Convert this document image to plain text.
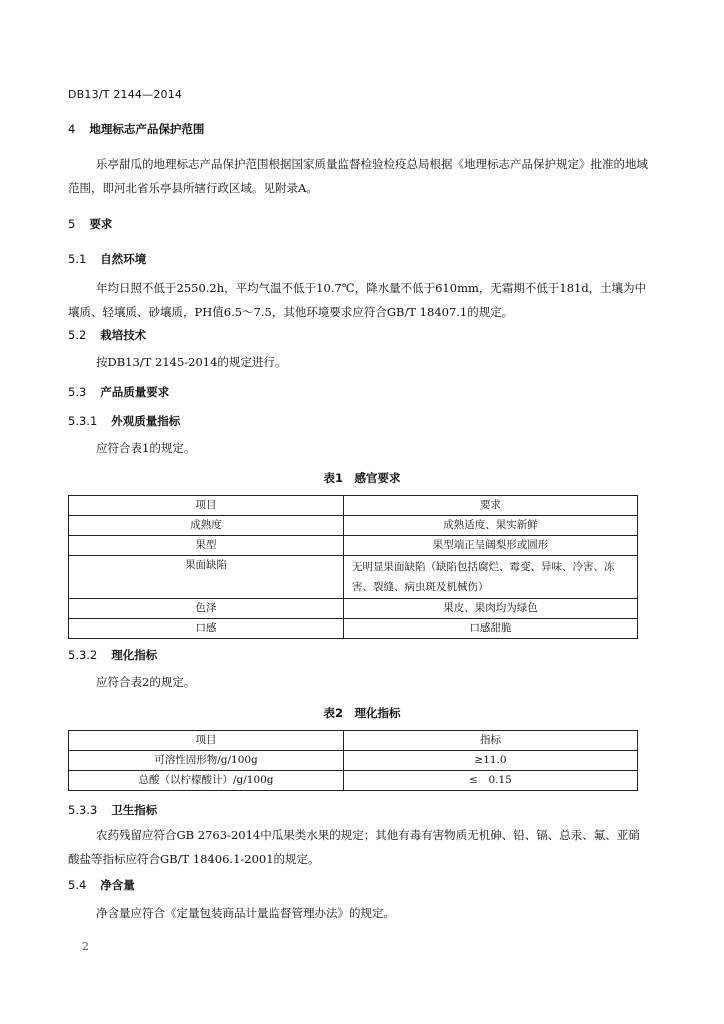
DB13/T 2144—2014
4 地理标志产品保护范围
乐亭甜瓜的地理标志产品保护范围根据国家质量监督检验检疫总局根据《地理标志产品保护规定》批准的地域范围，即河北省乐亭县所辖行政区域。见附录A。
5 要求
5.1 自然环境
年均日照不低于2550.2h，平均气温不低于10.7℃，降水量不低于610mm，无霜期不低于181d，土壤为中壤质、轻壤质、砂壤质，PH值6.5～7.5，其他环境要求应符合GB/T 18407.1的规定。
5.2 栽培技术
按DB13/T 2145-2014的规定进行。
5.3 产品质量要求
5.3.1 外观质量指标
应符合表1的规定。
表1　感官要求
项目	要求
成熟度	成熟适度、果实新鲜
果型	果型端正呈阔梨形或圆形
果面缺陷	无明显果面缺陷（缺陷包括腐烂、霉变、异味、冷害、冻害、裂缝、病虫斑及机械伤）
色泽	果皮、果肉均为绿色
口感	口感甜脆
5.3.2 理化指标
应符合表2的规定。
表2　理化指标
项目	指标
可溶性固形物/g/100g	≥11.0
总酸（以柠檬酸计）/g/100g	≤　0.15
5.3.3 卫生指标
农药残留应符合GB 2763-2014中瓜果类水果的规定；其他有毒有害物质无机砷、铅、镉、总汞、氟、亚硝酸盐等指标应符合GB/T 18406.1-2001的规定。
5.4 净含量
净含量应符合《定量包装商品计量监督管理办法》的规定。
2
